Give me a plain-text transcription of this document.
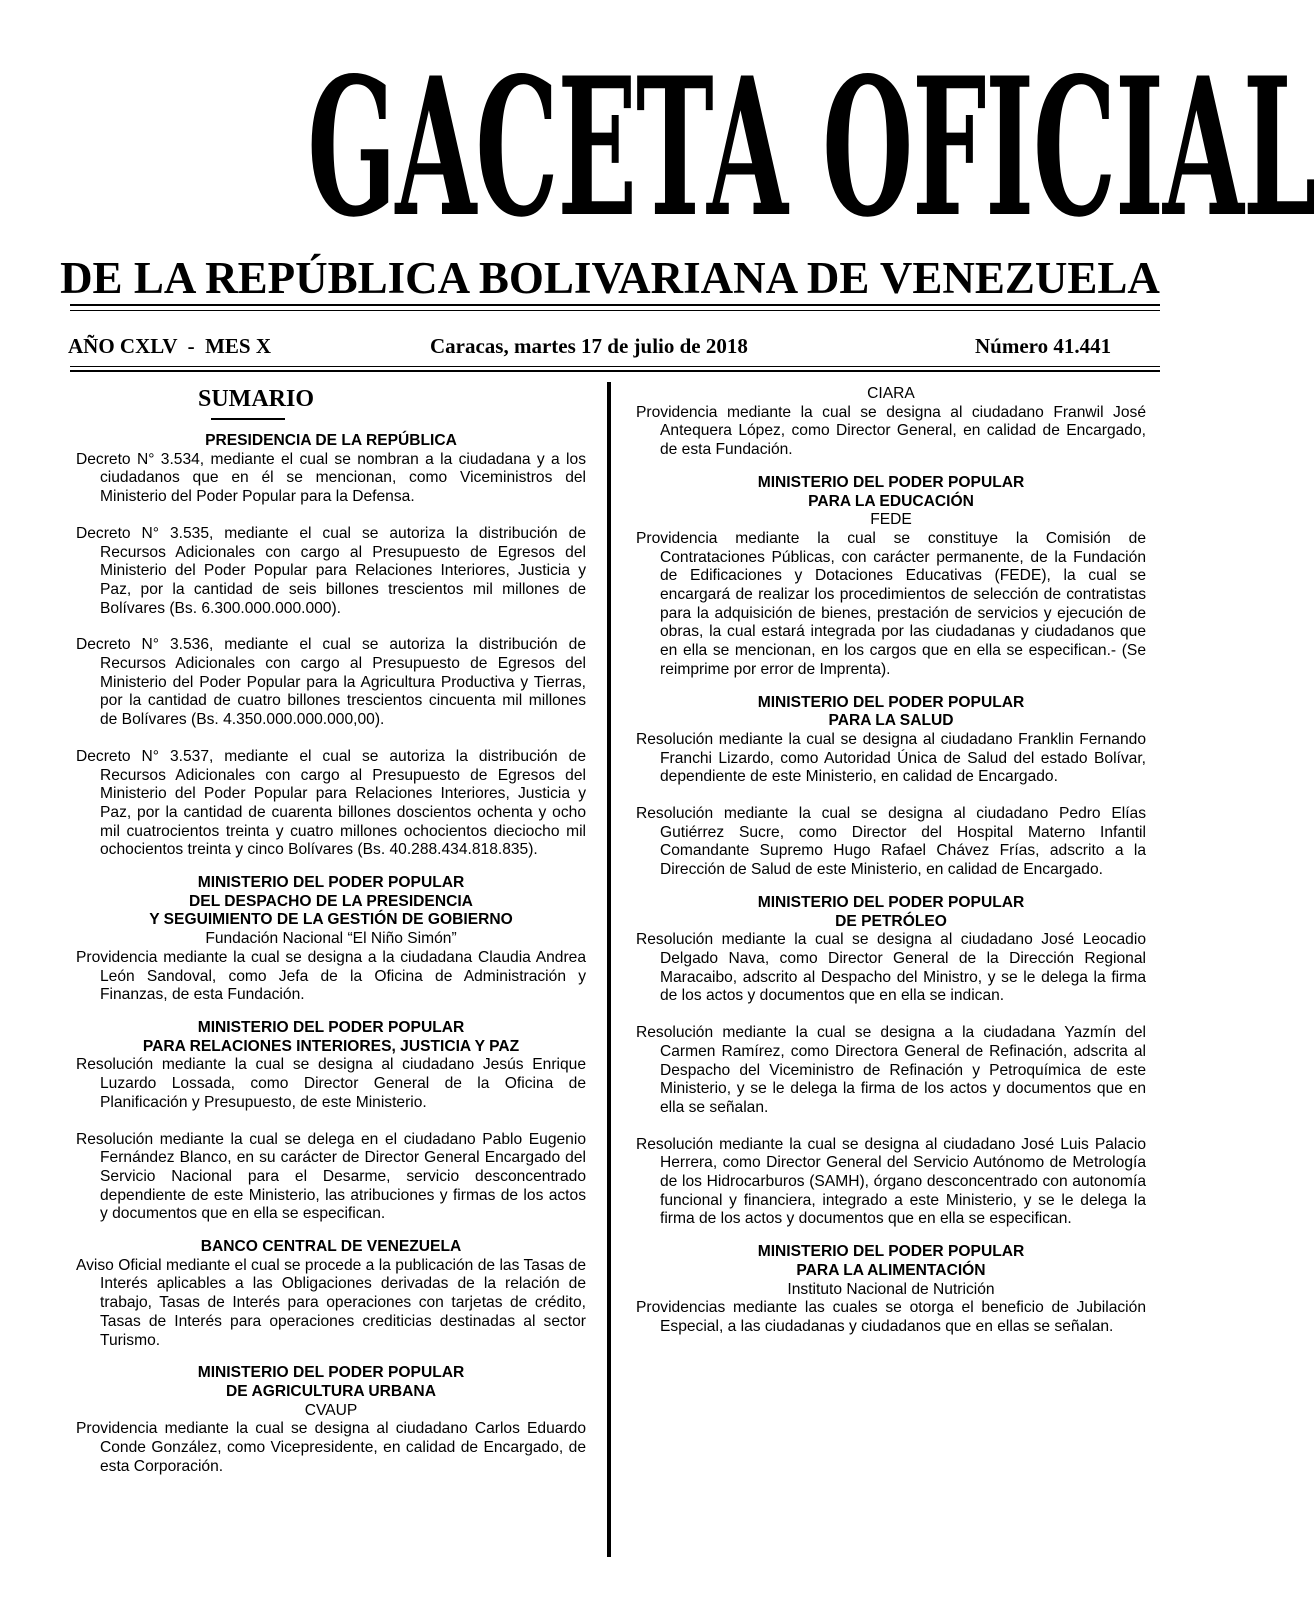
GACETA OFICIAL
DE LA REPÚBLICA BOLIVARIANA DE VENEZUELA
AÑO CXLV  -  MES X	Caracas, martes 17 de julio de 2018	Número 41.441
SUMARIO

PRESIDENCIA DE LA REPÚBLICA

Decreto N° 3.534, mediante el cual se nombran a la ciudadana y a los ciudadanos que en él se mencionan, como Viceministros del Ministerio del Poder Popular para la Defensa.

Decreto N° 3.535, mediante el cual se autoriza la distribución de Recursos Adicionales con cargo al Presupuesto de Egresos del Ministerio del Poder Popular para Relaciones Interiores, Justicia y Paz, por la cantidad de seis billones trescientos mil millones de Bolívares (Bs. 6.300.000.000.000).

Decreto N° 3.536, mediante el cual se autoriza la distribución de Recursos Adicionales con cargo al Presupuesto de Egresos del Ministerio del Poder Popular para la Agricultura Productiva y Tierras, por la cantidad de cuatro billones trescientos cincuenta mil millones de Bolívares (Bs. 4.350.000.000.000,00).

Decreto N° 3.537, mediante el cual se autoriza la distribución de Recursos Adicionales con cargo al Presupuesto de Egresos del Ministerio del Poder Popular para Relaciones Interiores, Justicia y Paz, por la cantidad de cuarenta billones doscientos ochenta y ocho mil cuatrocientos treinta y cuatro millones ochocientos dieciocho mil ochocientos treinta y cinco Bolívares (Bs. 40.288.434.818.835).

MINISTERIO DEL PODER POPULAR
DEL DESPACHO DE LA PRESIDENCIA
Y SEGUIMIENTO DE LA GESTIÓN DE GOBIERNO

Fundación Nacional “El Niño Simón”

Providencia mediante la cual se designa a la ciudadana Claudia Andrea León Sandoval, como Jefa de la Oficina de Administración y Finanzas, de esta Fundación.

MINISTERIO DEL PODER POPULAR
PARA RELACIONES INTERIORES, JUSTICIA Y PAZ

Resolución mediante la cual se designa al ciudadano Jesús Enrique Luzardo Lossada, como Director General de la Oficina de Planificación y Presupuesto, de este Ministerio.

Resolución mediante la cual se delega en el ciudadano Pablo Eugenio Fernández Blanco, en su carácter de Director General Encargado del Servicio Nacional para el Desarme, servicio desconcentrado dependiente de este Ministerio, las atribuciones y firmas de los actos y documentos que en ella se especifican.

BANCO CENTRAL DE VENEZUELA

Aviso Oficial mediante el cual se procede a la publicación de las Tasas de Interés aplicables a las Obligaciones derivadas de la relación de trabajo, Tasas de Interés para operaciones con tarjetas de crédito, Tasas de Interés para operaciones crediticias destinadas al sector Turismo.

MINISTERIO DEL PODER POPULAR
DE AGRICULTURA URBANA

CVAUP

Providencia mediante la cual se designa al ciudadano Carlos Eduardo Conde González, como Vicepresidente, en calidad de Encargado, de esta Corporación.

CIARA

Providencia mediante la cual se designa al ciudadano Franwil José Antequera López, como Director General, en calidad de Encargado, de esta Fundación.

MINISTERIO DEL PODER POPULAR
PARA LA EDUCACIÓN

FEDE

Providencia mediante la cual se constituye la Comisión de Contrataciones Públicas, con carácter permanente, de la Fundación de Edificaciones y Dotaciones Educativas (FEDE), la cual se encargará de realizar los procedimientos de selección de contratistas para la adquisición de bienes, prestación de servicios y ejecución de obras, la cual estará integrada por las ciudadanas y ciudadanos que en ella se mencionan, en los cargos que en ella se especifican.- (Se reimprime por error de Imprenta).

MINISTERIO DEL PODER POPULAR
PARA LA SALUD

Resolución mediante la cual se designa al ciudadano Franklin Fernando Franchi Lizardo, como Autoridad Única de Salud del estado Bolívar, dependiente de este Ministerio, en calidad de Encargado.

Resolución mediante la cual se designa al ciudadano Pedro Elías Gutiérrez Sucre, como Director del Hospital Materno Infantil Comandante Supremo Hugo Rafael Chávez Frías, adscrito a la Dirección de Salud de este Ministerio, en calidad de Encargado.

MINISTERIO DEL PODER POPULAR
DE PETRÓLEO

Resolución mediante la cual se designa al ciudadano José Leocadio Delgado Nava, como Director General de la Dirección Regional Maracaibo, adscrito al Despacho del Ministro, y se le delega la firma de los actos y documentos que en ella se indican.

Resolución mediante la cual se designa a la ciudadana Yazmín del Carmen Ramírez, como Directora General de Refinación, adscrita al Despacho del Viceministro de Refinación y Petroquímica de este Ministerio, y se le delega la firma de los actos y documentos que en ella se señalan.

Resolución mediante la cual se designa al ciudadano José Luis Palacio Herrera, como Director General del Servicio Autónomo de Metrología de los Hidrocarburos (SAMH), órgano desconcentrado con autonomía funcional y financiera, integrado a este Ministerio, y se le delega la firma de los actos y documentos que en ella se especifican.

MINISTERIO DEL PODER POPULAR
PARA LA ALIMENTACIÓN

Instituto Nacional de Nutrición

Providencias mediante las cuales se otorga el beneficio de Jubilación Especial, a las ciudadanas y ciudadanos que en ellas se señalan.
